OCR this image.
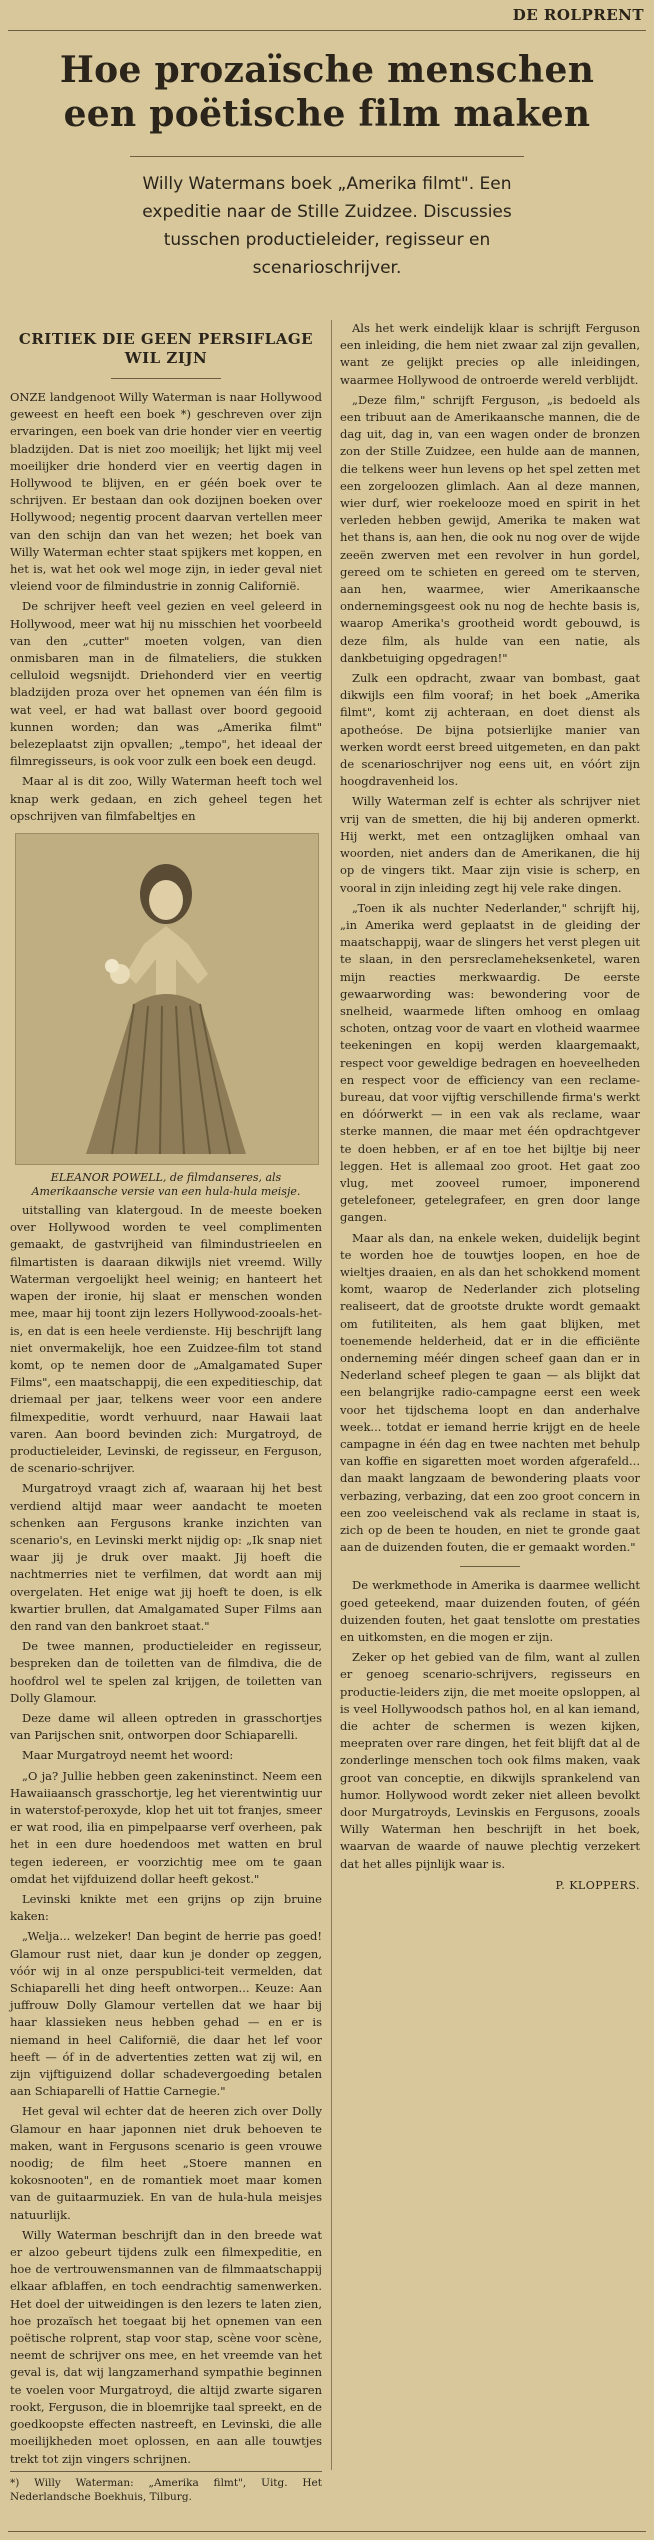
DE ROLPRENT
Hoe prozaïsche menschen een poëtische film maken
Willy Watermans boek „Amerika filmt". Een expeditie naar de Stille Zuidzee. Discussies tusschen productieleider, regisseur en scenarioschrijver.
CRITIEK DIE GEEN PERSIFLAGE WIL ZIJN

ONZE landgenoot Willy Waterman is naar Hollywood geweest en heeft een boek *) geschreven over zijn ervaringen, een boek van drie honder vier en veertig bladzijden. Dat is niet zoo moeilijk; het lijkt mij veel moeilijker drie honderd vier en veertig dagen in Hollywood te blijven, en er géén boek over te schrijven. Er bestaan dan ook dozijnen boeken over Hollywood; negentig procent daarvan vertellen meer van den schijn dan van het wezen; het boek van Willy Waterman echter staat spijkers met koppen, en het is, wat het ook wel moge zijn, in ieder geval niet vleiend voor de filmindustrie in zonnig Californië.

De schrijver heeft veel gezien en veel geleerd in Hollywood, meer wat hij nu misschien het voorbeeld van den „cutter" moeten volgen, van dien onmisbaren man in de filmateliers, die stukken celluloid wegsnijdt. Driehonderd vier en veertig bladzijden proza over het opnemen van één film is wat veel, er had wat ballast over boord gegooid kunnen worden; dan was „Amerika filmt" belezeplaatst zijn opvallen; „tempo", het ideaal der filmregisseurs, is ook voor zulk een boek een deugd.

Maar al is dit zoo, Willy Waterman heeft toch wel knap werk gedaan, en zich geheel tegen het opschrijven van filmfabeltjes en

ELEANOR POWELL, de filmdanseres, als Amerikaansche versie van een hula-hula meisje.

uitstalling van klatergoud. In de meeste boeken over Hollywood worden te veel complimenten gemaakt, de gastvrijheid van filmindustrieelen en filmartisten is daaraan dikwijls niet vreemd. Willy Waterman vergoelijkt heel weinig; en hanteert het wapen der ironie, hij slaat er menschen wonden mee, maar hij toont zijn lezers Hollywood-zooals-het-is, en dat is een heele verdienste. Hij beschrijft lang niet onvermakelijk, hoe een Zuidzee-film tot stand komt, op te nemen door de „Amalgamated Super Films", een maatschappij, die een expeditieschip, dat driemaal per jaar, telkens weer voor een andere filmexpeditie, wordt verhuurd, naar Hawaii laat varen. Aan boord bevinden zich: Murgatroyd, de productieleider, Levinski, de regisseur, en Ferguson, de scenario-schrijver.

Murgatroyd vraagt zich af, waaraan hij het best verdiend altijd maar weer aandacht te moeten schenken aan Fergusons kranke inzichten van scenario's, en Levinski merkt nijdig op: „Ik snap niet waar jij je druk over maakt. Jij hoeft die nachtmerries niet te verfilmen, dat wordt aan mij overgelaten. Het enige wat jij hoeft te doen, is elk kwartier brullen, dat Amalgamated Super Films aan den rand van den bankroet staat."

De twee mannen, productieleider en regisseur, bespreken dan de toiletten van de filmdiva, die de hoofdrol wel te spelen zal krijgen, de toiletten van Dolly Glamour.

Deze dame wil alleen optreden in grasschortjes van Parijschen snit, ontworpen door Schiaparelli.

Maar Murgatroyd neemt het woord:

„O ja? Jullie hebben geen zakeninstinct. Neem een Hawaiiaansch grasschortje, leg het vierentwintig uur in waterstof-peroxyde, klop het uit tot franjes, smeer er wat rood, ilia en pimpelpaarse verf overheen, pak het in een dure hoedendoos met watten en brul tegen iedereen, er voorzichtig mee om te gaan omdat het vijfduizend dollar heeft gekost."

Levinski knikte met een grijns op zijn bruine kaken:

„Welja... welzeker! Dan begint de herrie pas goed! Glamour rust niet, daar kun je donder op zeggen, vóór wij in al onze perspublici-teit vermelden, dat Schiaparelli het ding heeft ontworpen... Keuze: Aan juffrouw Dolly Glamour vertellen dat we haar bij haar klassieken neus hebben gehad — en er is niemand in heel Californië, die daar het lef voor heeft — óf in de advertenties zetten wat zij wil, en zijn vijftiguizend dollar schadevergoeding betalen aan Schiaparelli of Hattie Carnegie."

Het geval wil echter dat de heeren zich over Dolly Glamour en haar japonnen niet druk behoeven te maken, want in Fergusons scenario is geen vrouwe noodig; de film heet „Stoere mannen en kokosnooten", en de romantiek moet maar komen van de guitaarmuziek. En van de hula-hula meisjes natuurlijk.

Willy Waterman beschrijft dan in den breede wat er alzoo gebeurt tijdens zulk een filmexpeditie, en hoe de vertrouwensmannen van de filmmaatschappij elkaar afblaffen, en toch eendrachtig samenwerken. Het doel der uitweidingen is den lezers te laten zien, hoe prozaïsch het toegaat bij het opnemen van een poëtische rolprent, stap voor stap, scène voor scène, neemt de schrijver ons mee, en het vreemde van het geval is, dat wij langzamerhand sympathie beginnen te voelen voor Murgatroyd, die altijd zwarte sigaren rookt, Ferguson, die in bloemrijke taal spreekt, en de goedkoopste effecten nastreeft, en Levinski, die alle moeilijkheden moet oplossen, en aan alle touwtjes trekt tot zijn vingers schrijnen.

*) Willy Waterman: „Amerika filmt", Uitg. Het Nederlandsche Boekhuis, Tilburg.

Als het werk eindelijk klaar is schrijft Ferguson een inleiding, die hem niet zwaar zal zijn gevallen, want ze gelijkt precies op alle inleidingen, waarmee Hollywood de ontroerde wereld verblijdt.

„Deze film," schrijft Ferguson, „is bedoeld als een tribuut aan de Amerikaansche mannen, die de dag uit, dag in, van een wagen onder de bronzen zon der Stille Zuidzee, een hulde aan de mannen, die telkens weer hun levens op het spel zetten met een zorgeloozen glimlach. Aan al deze mannen, wier durf, wier roekelooze moed en spirit in het verleden hebben gewijd, Amerika te maken wat het thans is, aan hen, die ook nu nog over de wijde zeeën zwerven met een revolver in hun gordel, gereed om te schieten en gereed om te sterven, aan hen, waarmee, wier Amerikaansche ondernemingsgeest ook nu nog de hechte basis is, waarop Amerika's grootheid wordt gebouwd, is deze film, als hulde van een natie, als dankbetuiging opgedragen!"

Zulk een opdracht, zwaar van bombast, gaat dikwijls een film vooraf; in het boek „Amerika filmt", komt zij achteraan, en doet dienst als apotheóse. De bijna potsierlijke manier van werken wordt eerst breed uitgemeten, en dan pakt de scenarioschrijver nog eens uit, en vóórt zijn hoogdravenheid los.

Willy Waterman zelf is echter als schrijver niet vrij van de smetten, die hij bij anderen opmerkt. Hij werkt, met een ontzaglijken omhaal van woorden, niet anders dan de Amerikanen, die hij op de vingers tikt. Maar zijn visie is scherp, en vooral in zijn inleiding zegt hij vele rake dingen.

„Toen ik als nuchter Nederlander," schrijft hij, „in Amerika werd geplaatst in de gleiding der maatschappij, waar de slingers het verst plegen uit te slaan, in den persreclameheksenketel, waren mijn reacties merkwaardig. De eerste gewaarwording was: bewondering voor de snelheid, waarmede liften omhoog en omlaag schoten, ontzag voor de vaart en vlotheid waarmee teekeningen en kopij werden klaargemaakt, respect voor geweldige bedragen en hoeveelheden en respect voor de efficiency van een reclame-bureau, dat voor vijftig verschillende firma's werkt en dóórwerkt — in een vak als reclame, waar sterke mannen, die maar met één opdrachtgever te doen hebben, er af en toe het bijltje bij neer leggen. Het is allemaal zoo groot. Het gaat zoo vlug, met zooveel rumoer, imponerend getelefoneer, getelegrafeer, en gren door lange gangen.

Maar als dan, na enkele weken, duidelijk begint te worden hoe de touwtjes loopen, en hoe de wieltjes draaien, en als dan het schokkend moment komt, waarop de Nederlander zich plotseling realiseert, dat de grootste drukte wordt gemaakt om futiliteiten, als hem gaat blijken, met toenemende helderheid, dat er in die efficiënte onderneming méér dingen scheef gaan dan er in Nederland scheef plegen te gaan — als blijkt dat een belangrijke radio-campagne eerst een week voor het tijdschema loopt en dan anderhalve week... totdat er iemand herrie krijgt en de heele campagne in één dag en twee nachten met behulp van koffie en sigaretten moet worden afgerafeld... dan maakt langzaam de bewondering plaats voor verbazing, verbazing, dat een zoo groot concern in een zoo veeleischend vak als reclame in staat is, zich op de been te houden, en niet te gronde gaat aan de duizenden fouten, die er gemaakt worden."

De werkmethode in Amerika is daarmee wellicht goed geteekend, maar duizenden fouten, of géén duizenden fouten, het gaat tenslotte om prestaties en uitkomsten, en die mogen er zijn.

Zeker op het gebied van de film, want al zullen er genoeg scenario-schrijvers, regisseurs en productie-leiders zijn, die met moeite opsloppen, al is veel Hollywoodsch pathos hol, en al kan iemand, die achter de schermen is wezen kijken, meepraten over rare dingen, het feit blijft dat al de zonderlinge menschen toch ook films maken, vaak groot van conceptie, en dikwijls sprankelend van humor. Hollywood wordt zeker niet alleen bevolkt door Murgatroyds, Levinskis en Fergusons, zooals Willy Waterman hen beschrijft in het boek, waarvan de waarde of nauwe plechtig verzekert dat het alles pijnlijk waar is.

P. KLOPPERS.
